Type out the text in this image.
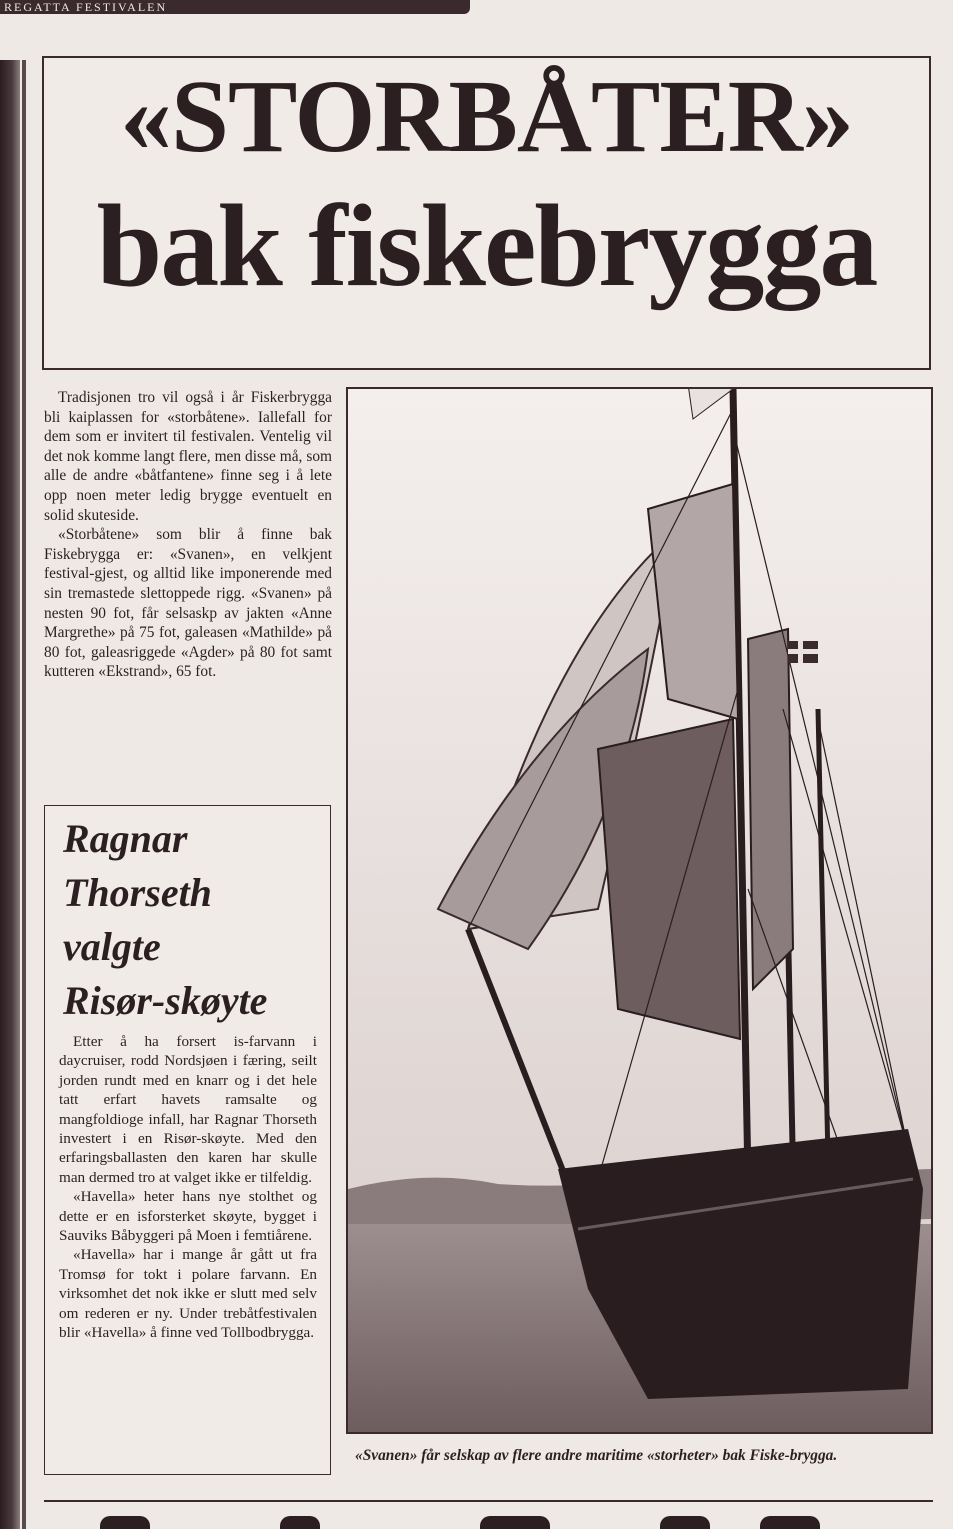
REGATTA FESTIVALEN
«STORBÅTER»
bak fiskebrygga

Tradisjonen tro vil også i år Fiskerbrygga bli kaiplassen for «storbåtene». Iallefall for dem som er invitert til festivalen. Ventelig vil det nok komme langt flere, men disse må, som alle de andre «båtfantene» finne seg i å lete opp noen meter ledig brygge eventuelt en solid skuteside.

«Storbåtene» som blir å finne bak Fiskebrygga er: «Svanen», en velkjent festival-gjest, og alltid like imponerende med sin tremastede slettoppede rigg. «Svanen» på nesten 90 fot, får selsaskp av jakten «Anne Margrethe» på 75 fot, galeasen «Mathilde» på 80 fot, galeasriggede «Agder» på 80 fot samt kutteren «Ekstrand», 65 fot.

Ragnar
Thorseth
valgte
Risør-skøyte

Etter å ha forsert is-farvann i daycruiser, rodd Nordsjøen i færing, seilt jorden rundt med en knarr og i det hele tatt erfart havets ramsalte og mangfoldioge infall, har Ragnar Thorseth investert i en Risør-skøyte. Med den erfaringsballasten den karen har skulle man dermed tro at valget ikke er tilfeldig.

«Havella» heter hans nye stolthet og dette er en isforsterket skøyte, bygget i Sauviks Båbyggeri på Moen i femtiårene.

«Havella» har i mange år gått ut fra Tromsø for tokt i polare farvann. En virksomhet det nok ikke er slutt med selv om rederen er ny. Under trebåtfestivalen blir «Havella» å finne ved Tollbodbrygga.

«Svanen» får selskap av flere andre maritime «storheter» bak Fiske-brygga.
